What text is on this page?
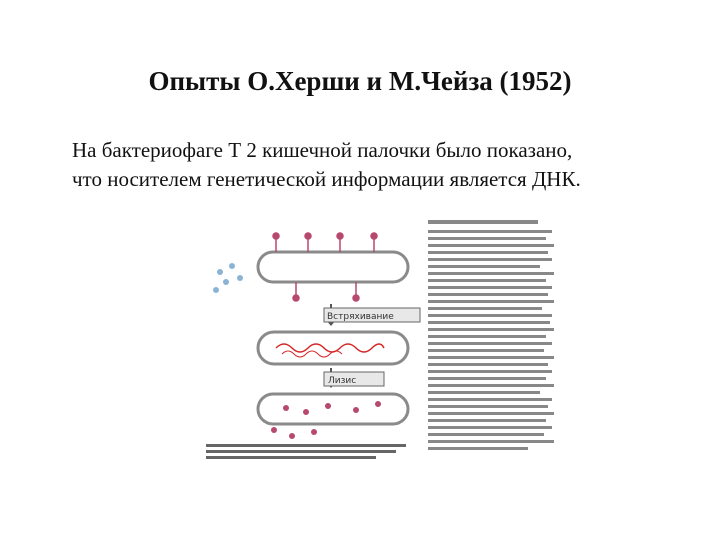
Опыты О.Херши и М.Чейза (1952)
На бактериофаге Т 2 кишечной палочки было показано,
что носителем генетической информации является ДНК.
Встряхивание
Лизис
